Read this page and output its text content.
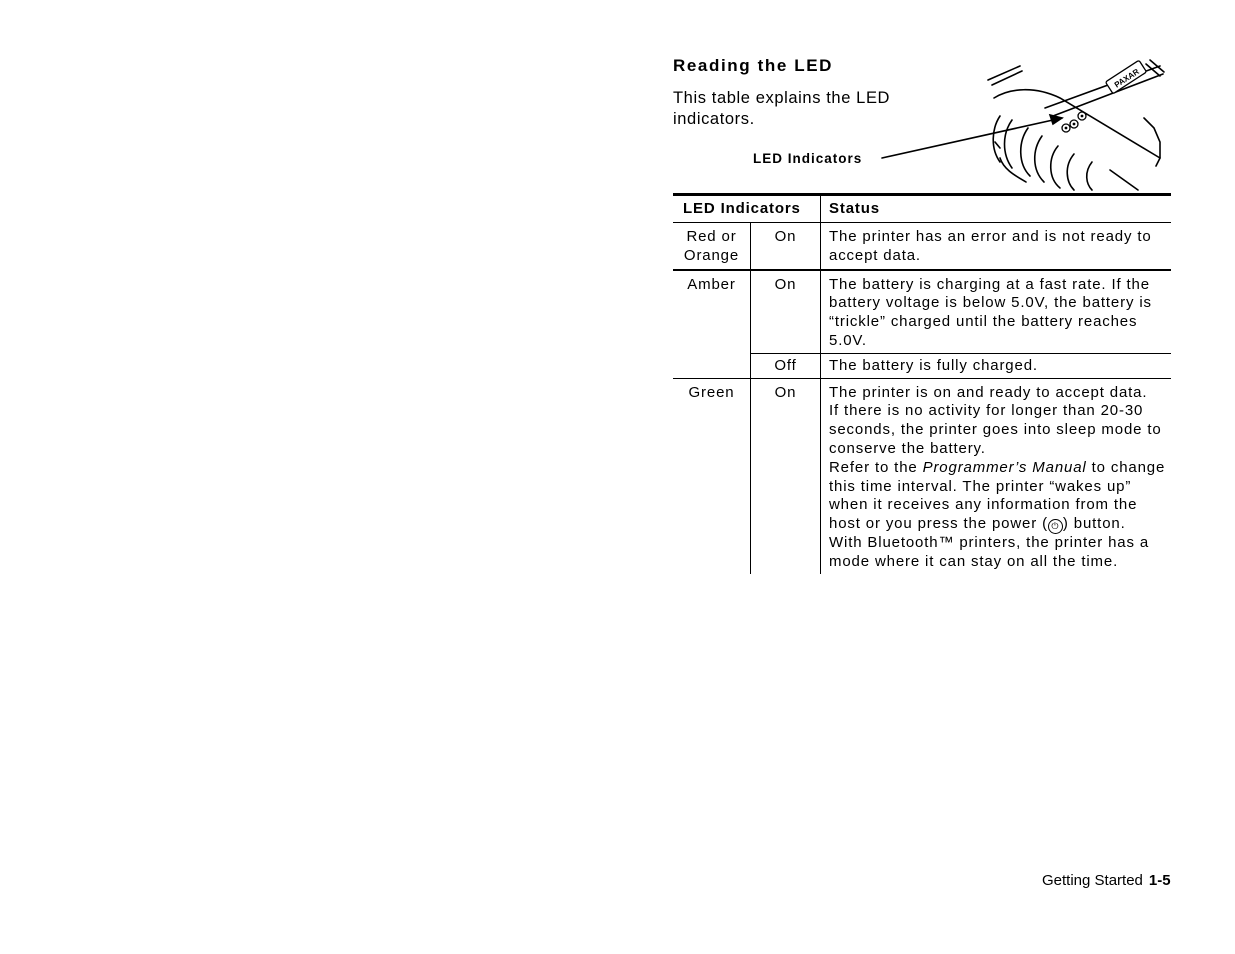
Reading the LED
This table explains the LED indicators.
LED Indicators
PAXAR
LED Indicators		Status
Red or Orange	On	The printer has an error and is not ready to accept data.
Amber	On	The battery is charging at a fast rate. If the battery voltage is below 5.0V, the battery is “trickle” charged until the battery reaches 5.0V.
	Off	The battery is fully charged.
Green	On	The printer is on and ready to accept data.
If there is no activity for longer than 20-30 seconds, the printer goes into sleep mode to conserve the battery.
Refer to the Programmer’s Manual to change this time interval. The printer “wakes up” when it receives any information from the host or you press the power ( ⏻ ) button.
With Bluetooth™ printers, the printer has a mode where it can stay on all the time.
Getting Started 1-5
